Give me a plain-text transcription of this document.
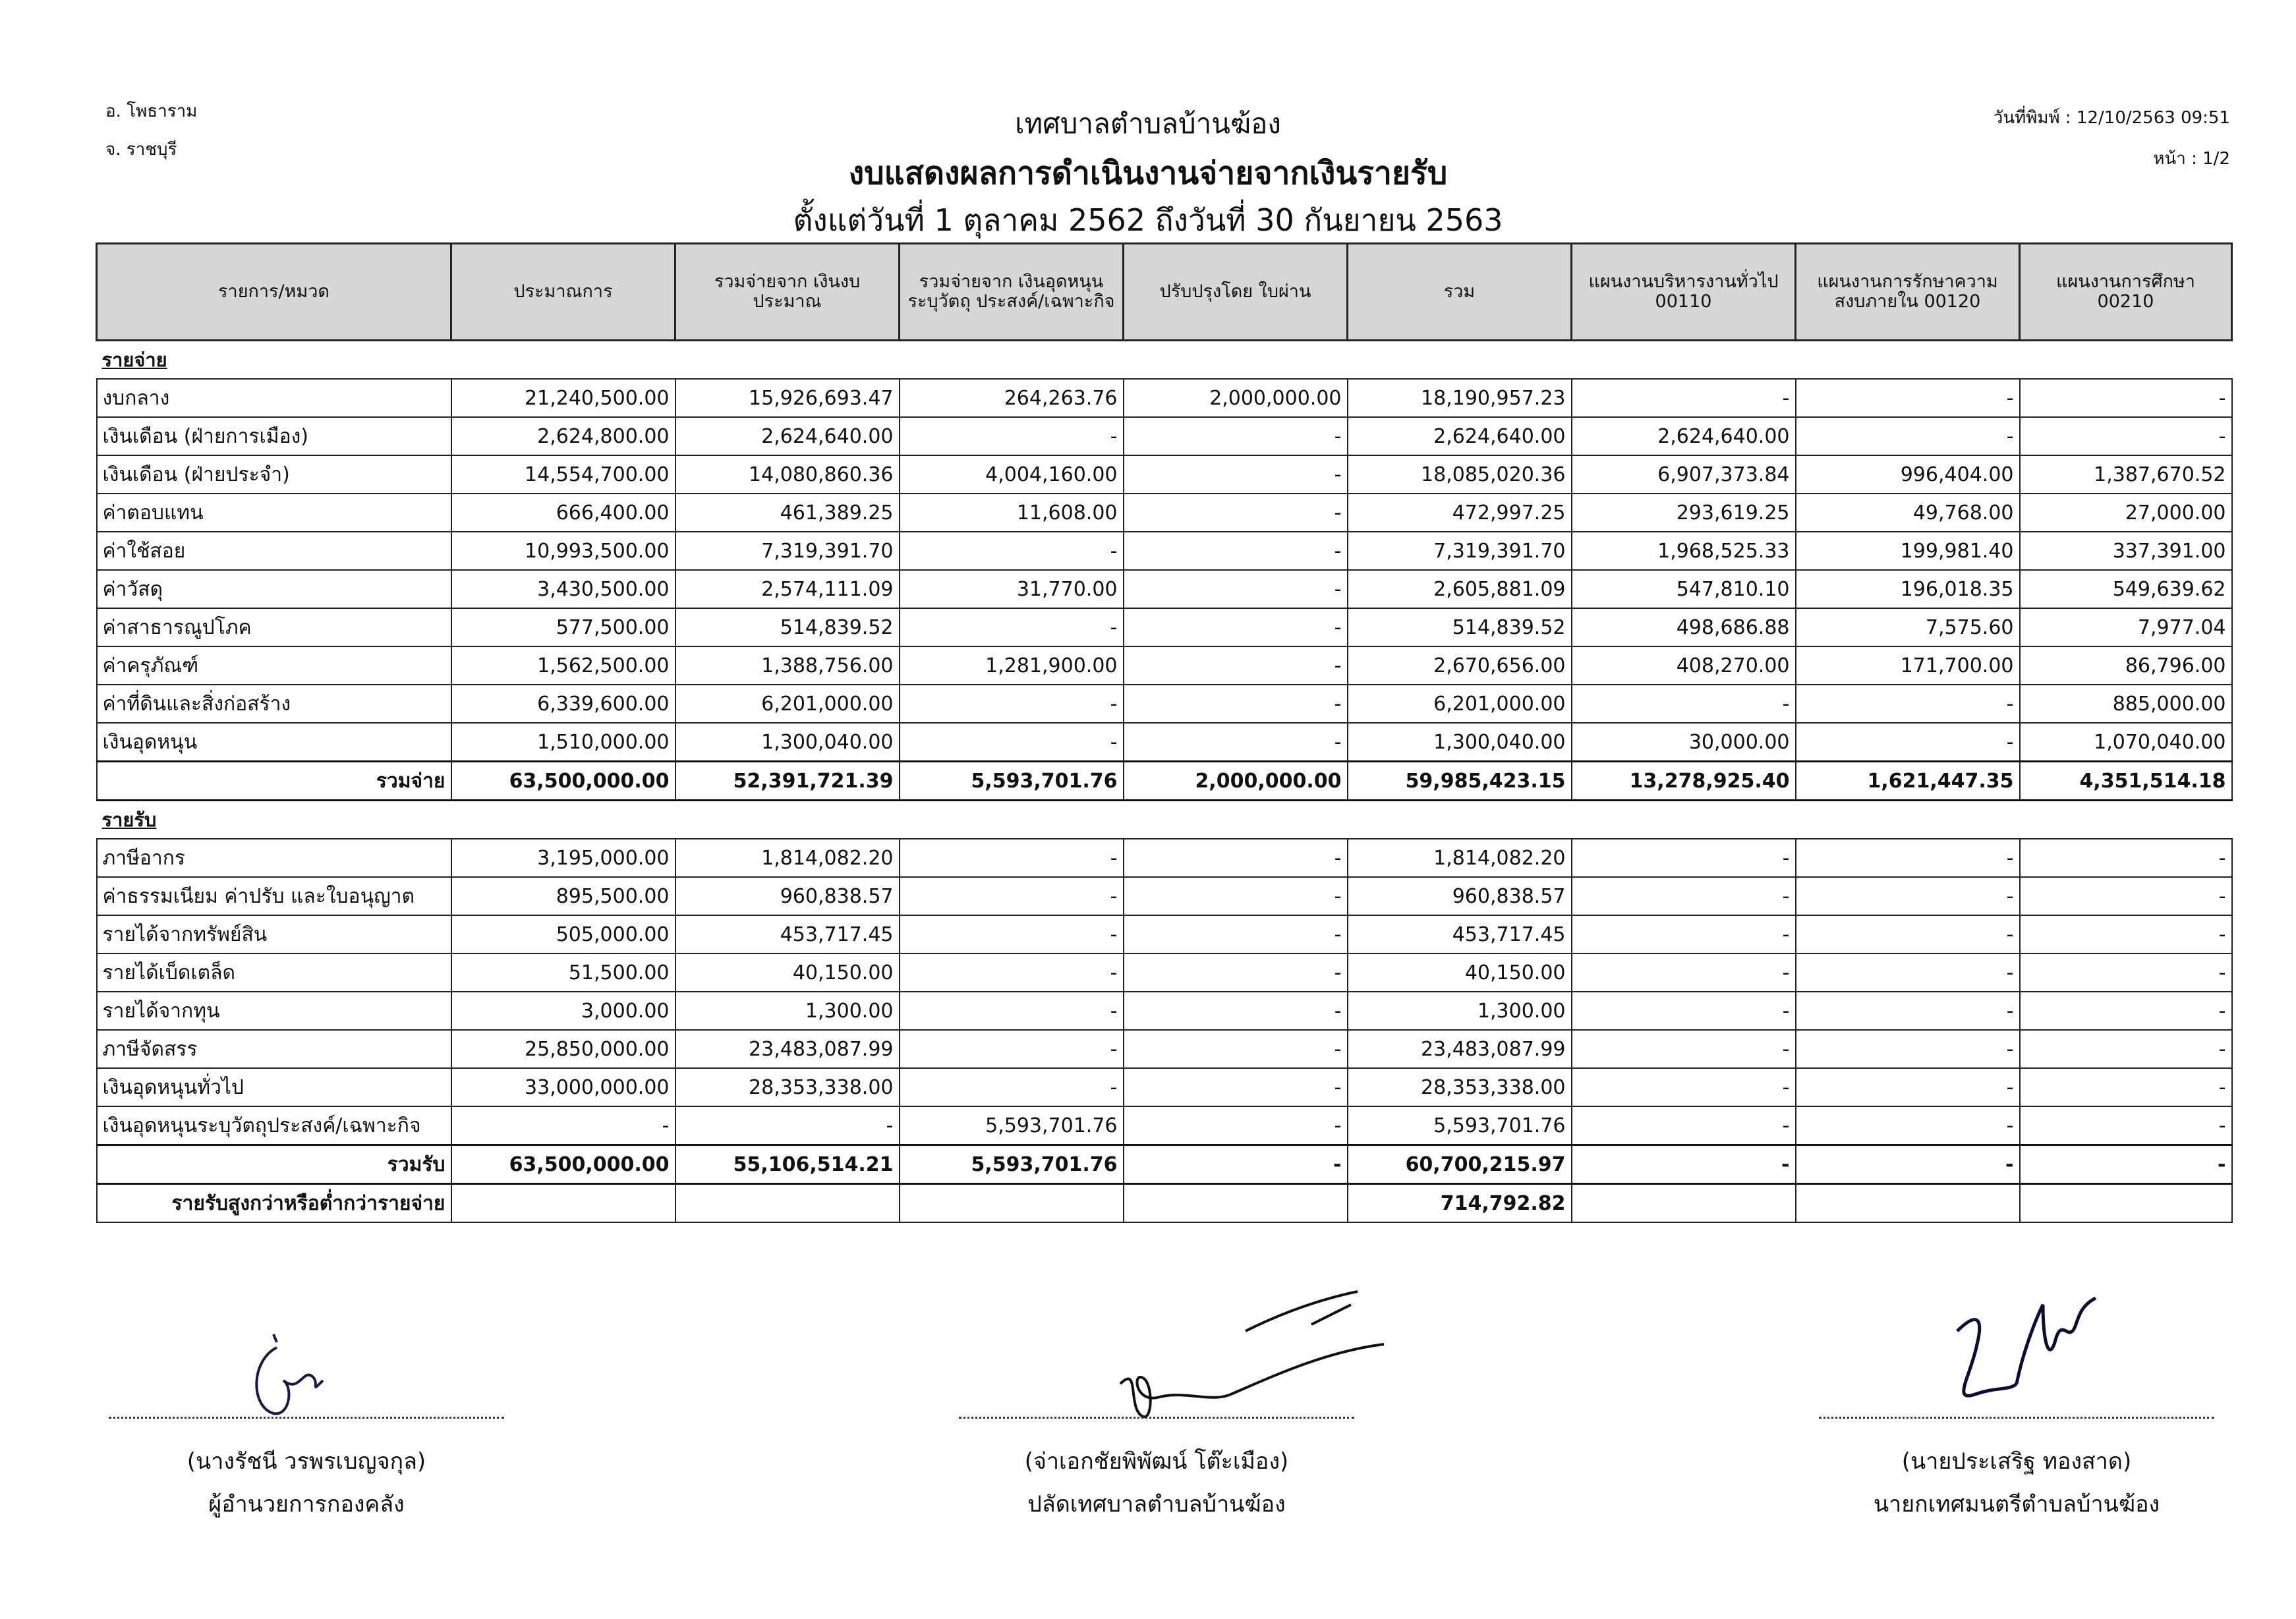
อ. โพธาราม
จ. ราชบุรี
วันที่พิมพ์ : 12/10/2563 09:51
หน้า : 1/2
เทศบาลตำบลบ้านฆ้อง
งบแสดงผลการดำเนินงานจ่ายจากเงินรายรับ
ตั้งแต่วันที่ 1 ตุลาคม 2562 ถึงวันที่ 30 กันยายน 2563
รายการ/หมวด	ประมาณการ	รวมจ่ายจาก เงินงบประมาณ	รวมจ่ายจาก เงินอุดหนุนระบุวัตถุ ประสงค์/เฉพาะกิจ	ปรับปรุงโดย ใบผ่าน	รวม	แผนงานบริหารงานทั่วไป 00110	แผนงานการรักษาความ สงบภายใน 00120	แผนงานการศึกษา 00210
รายจ่าย								
งบกลาง	21,240,500.00	15,926,693.47	264,263.76	2,000,000.00	18,190,957.23	-	-	-
เงินเดือน (ฝ่ายการเมือง)	2,624,800.00	2,624,640.00	-	-	2,624,640.00	2,624,640.00	-	-
เงินเดือน (ฝ่ายประจำ)	14,554,700.00	14,080,860.36	4,004,160.00	-	18,085,020.36	6,907,373.84	996,404.00	1,387,670.52
ค่าตอบแทน	666,400.00	461,389.25	11,608.00	-	472,997.25	293,619.25	49,768.00	27,000.00
ค่าใช้สอย	10,993,500.00	7,319,391.70	-	-	7,319,391.70	1,968,525.33	199,981.40	337,391.00
ค่าวัสดุ	3,430,500.00	2,574,111.09	31,770.00	-	2,605,881.09	547,810.10	196,018.35	549,639.62
ค่าสาธารณูปโภค	577,500.00	514,839.52	-	-	514,839.52	498,686.88	7,575.60	7,977.04
ค่าครุภัณฑ์	1,562,500.00	1,388,756.00	1,281,900.00	-	2,670,656.00	408,270.00	171,700.00	86,796.00
ค่าที่ดินและสิ่งก่อสร้าง	6,339,600.00	6,201,000.00	-	-	6,201,000.00	-	-	885,000.00
เงินอุดหนุน	1,510,000.00	1,300,040.00	-	-	1,300,040.00	30,000.00	-	1,070,040.00
รวมจ่าย	63,500,000.00	52,391,721.39	5,593,701.76	2,000,000.00	59,985,423.15	13,278,925.40	1,621,447.35	4,351,514.18
รายรับ								
ภาษีอากร	3,195,000.00	1,814,082.20	-	-	1,814,082.20	-	-	-
ค่าธรรมเนียม ค่าปรับ และใบอนุญาต	895,500.00	960,838.57	-	-	960,838.57	-	-	-
รายได้จากทรัพย์สิน	505,000.00	453,717.45	-	-	453,717.45	-	-	-
รายได้เบ็ดเตล็ด	51,500.00	40,150.00	-	-	40,150.00	-	-	-
รายได้จากทุน	3,000.00	1,300.00	-	-	1,300.00	-	-	-
ภาษีจัดสรร	25,850,000.00	23,483,087.99	-	-	23,483,087.99	-	-	-
เงินอุดหนุนทั่วไป	33,000,000.00	28,353,338.00	-	-	28,353,338.00	-	-	-
เงินอุดหนุนระบุวัตถุประสงค์/เฉพาะกิจ	-	-	5,593,701.76	-	5,593,701.76	-	-	-
รวมรับ	63,500,000.00	55,106,514.21	5,593,701.76	-	60,700,215.97	-	-	-
รายรับสูงกว่าหรือต่ำกว่ารายจ่าย					714,792.82			
(นางรัชนี วรพรเบญจกุล)
ผู้อำนวยการกองคลัง
(จ่าเอกชัยพิพัฒน์ โต๊ะเมือง)
ปลัดเทศบาลตำบลบ้านฆ้อง
(นายประเสริฐ ทองสาด)
นายกเทศมนตรีตำบลบ้านฆ้อง
